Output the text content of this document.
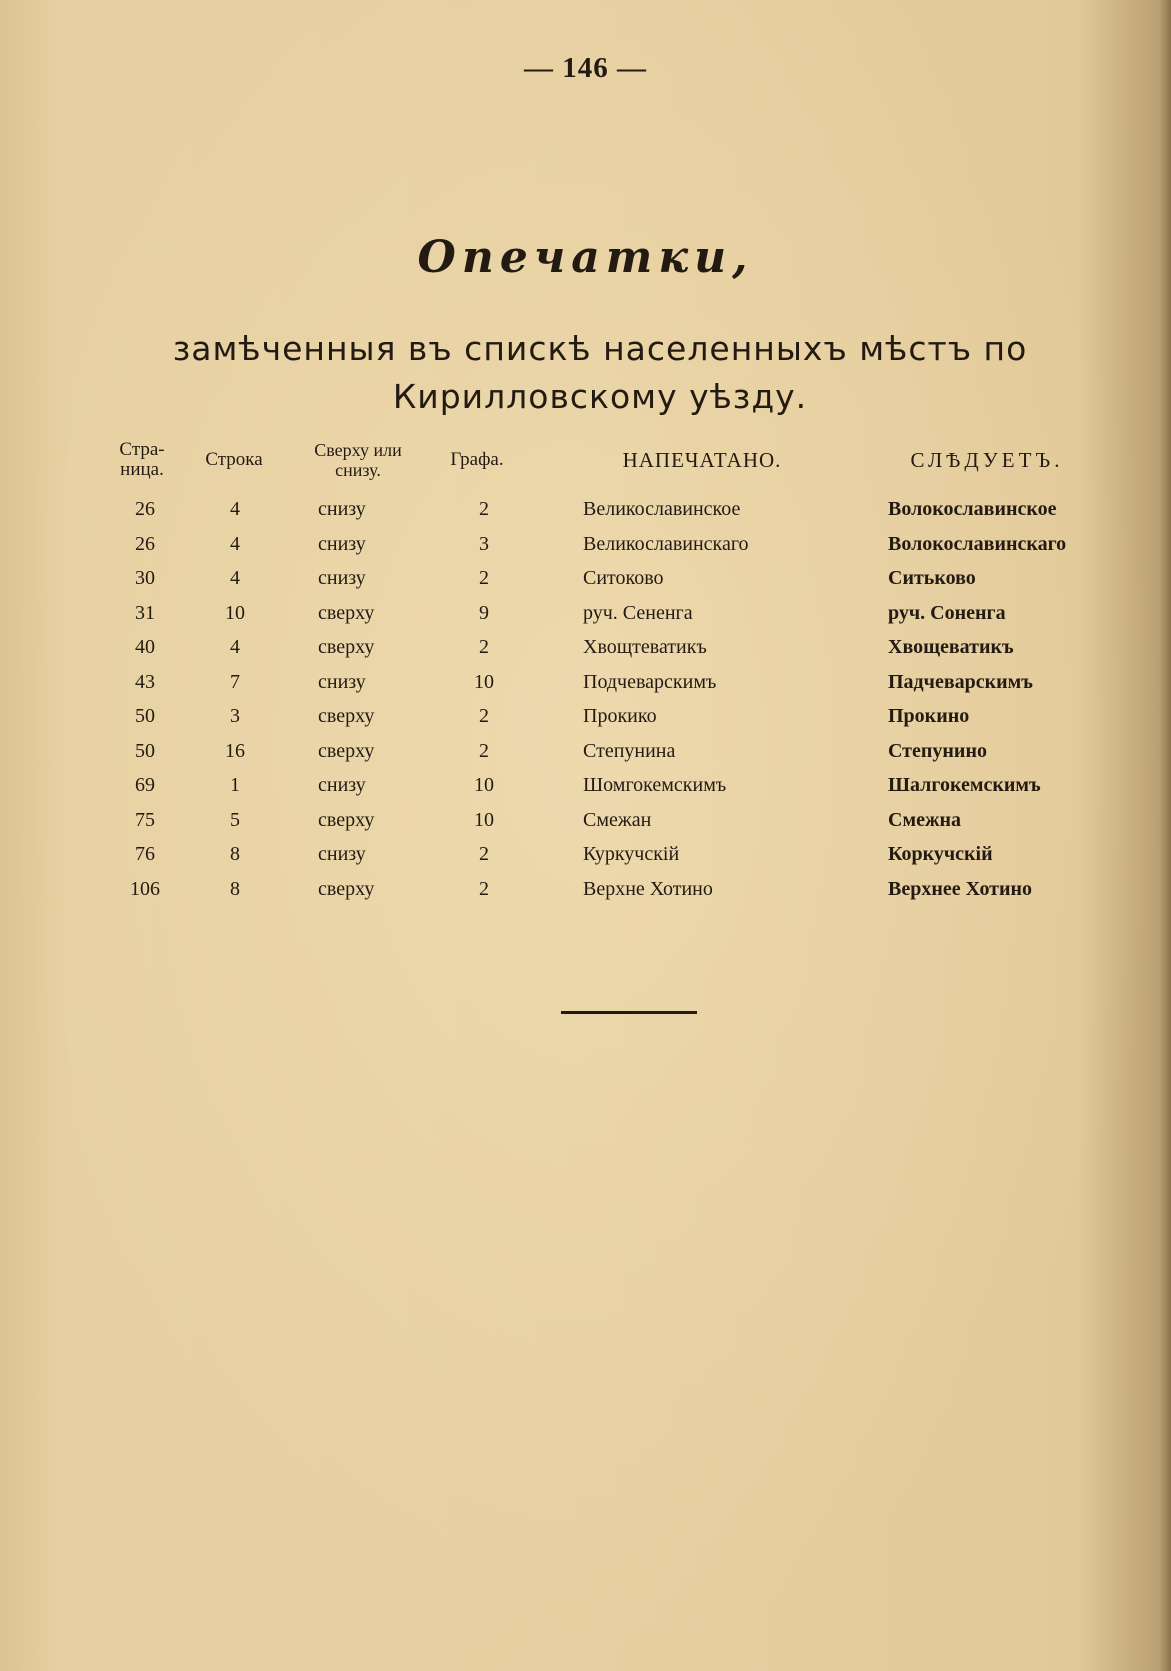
— 146 —
Опечатки,
замѣченныя въ спискѣ населенныхъ мѣстъ по Кирилловскому уѣзду.
Стра-ница.	Строка	Сверху или снизу.	Графа.	НАПЕЧАТАНО.	СЛѢДУЕТЪ.
26	4	снизу	2	Великославинское	Волокославинское
26	4	снизу	3	Великославинскаго	Волокославинскаго
30	4	снизу	2	Ситоково	Ситьково
31	10	сверху	9	руч. Сененга	руч. Соненга
40	4	сверху	2	Хвощтеватикъ	Хвощеватикъ
43	7	снизу	10	Подчеварскимъ	Падчеварскимъ
50	3	сверху	2	Прокико	Прокино
50	16	сверху	2	Степунина	Степунино
69	1	снизу	10	Шомгокемскимъ	Шалгокемскимъ
75	5	сверху	10	Смежан	Смежна
76	8	снизу	2	Куркучскій	Коркучскій
106	8	сверху	2	Верхне Хотино	Верхнее Хотино
